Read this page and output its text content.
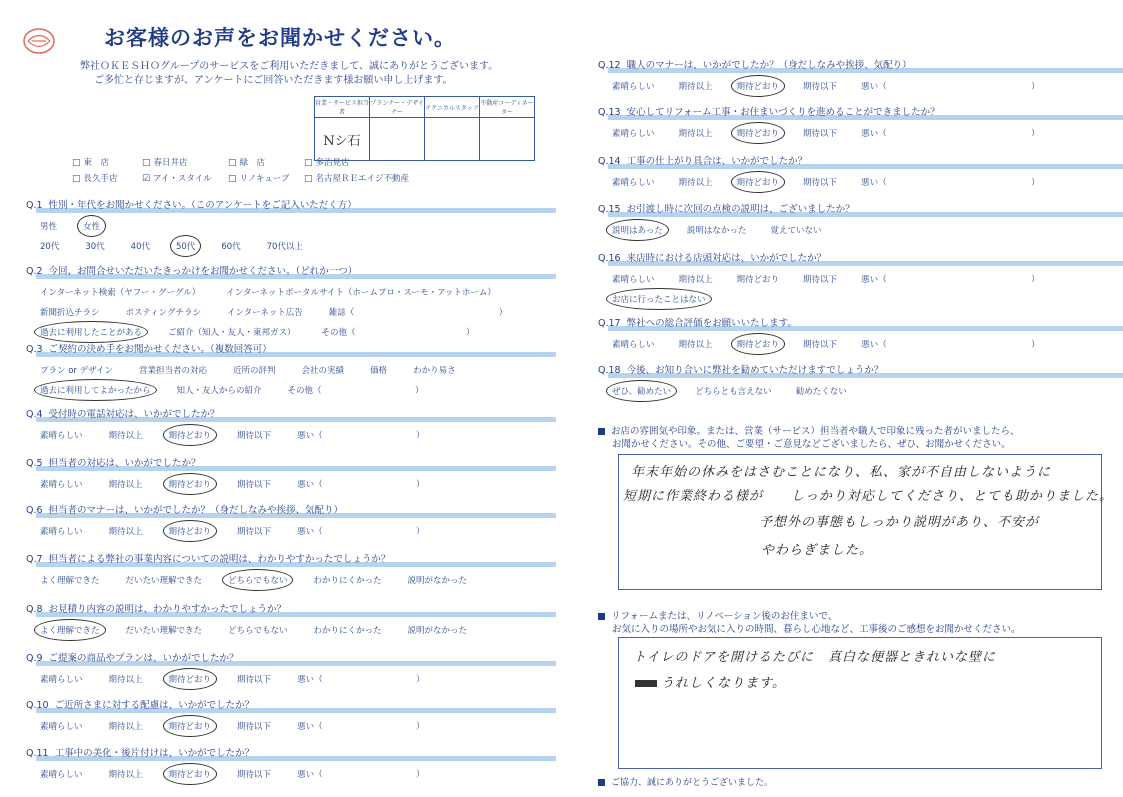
お客様のお声をお聞かせください。
弊社ＯＫＥＳＨＯグループのサービスをご利用いただきまして、誠にありがとうございます。
ご多忙と存じますが、アンケートにご回答いただきます様お願い申し上げます。
営業・サービス担当者	プランナー・デザイナー	テクニカルスタッフ	不動産コーディネーター
Nシ石			
□ 東　店	□ 春日井店	□ 緑　店	□ 多治見店
□ 長久手店	☑ アイ・スタイル	□ リノキューブ	□ 名古屋ＲＥエイジ不動産
Q.1 性別・年代をお聞かせください。（このアンケートをご記入いただく方）
男性	女性
20代	30代	40代	50代	60代	70代以上
Q.2 今回、お問合せいただいたきっかけをお聞かせください。（どれか一つ）
インターネット検索（ヤフー・グーグル）	インターネットポータルサイト（ホームプロ・スーモ・アットホーム）
新聞折込チラシ	ポスティングチラシ	インターネット広告	雑誌（　　　　　　　　　　　　　　　　　）
過去に利用したことがある	ご紹介（知人・友人・東邦ガス）	その他（　　　　　　　　　　　　　）
Q.3 ご契約の決め手をお聞かせください。（複数回答可）
プラン or デザイン	営業担当者の対応	近所の評判	会社の実績	価格	わかり易さ
過去に利用してよかったから	知人・友人からの紹介	その他（　　　　　　　　　　　）
Q.4 受付時の電話対応は、いかがでしたか？
素晴らしい	期待以上	期待どおり	期待以下	悪い（　　　　　　　　　　　）
Q.5 担当者の対応は、いかがでしたか？
素晴らしい	期待以上	期待どおり	期待以下	悪い（　　　　　　　　　　　）
Q.6 担当者のマナーは、いかがでしたか？（身だしなみや挨拶、気配り）
素晴らしい	期待以上	期待どおり	期待以下	悪い（　　　　　　　　　　　）
Q.7 担当者による弊社の事業内容についての説明は、わかりやすかったでしょうか？
よく理解できた	だいたい理解できた	どちらでもない	わかりにくかった	説明がなかった
Q.8 お見積り内容の説明は、わかりやすかったでしょうか？
よく理解できた	だいたい理解できた	どちらでもない	わかりにくかった	説明がなかった
Q.9 ご提案の商品やプランは、いかがでしたか？
素晴らしい	期待以上	期待どおり	期待以下	悪い（　　　　　　　　　　　）
Q.10 ご近所さまに対する配慮は、いかがでしたか？
素晴らしい	期待以上	期待どおり	期待以下	悪い（　　　　　　　　　　　）
Q.11 工事中の美化・後片付けは、いかがでしたか？
素晴らしい	期待以上	期待どおり	期待以下	悪い（　　　　　　　　　　　）
Q.12 職人のマナーは、いかがでしたか？（身だしなみや挨拶、気配り）
素晴らしい	期待以上	期待どおり	期待以下	悪い（　　　　　　　　　　　　　　　　　）
Q.13 安心してリフォーム工事・お住まいづくりを進めることができましたか？
素晴らしい	期待以上	期待どおり	期待以下	悪い（　　　　　　　　　　　　　　　　　）
Q.14 工事の仕上がり具合は、いかがでしたか？
素晴らしい	期待以上	期待どおり	期待以下	悪い（　　　　　　　　　　　　　　　　　）
Q.15 お引渡し時に次回の点検の説明は、ございましたか？
説明はあった	説明はなかった	覚えていない
Q.16 来店時における店頭対応は、いかがでしたか？
素晴らしい	期待以上	期待どおり	期待以下	悪い（　　　　　　　　　　　　　　　　　）
お店に行ったことはない
Q.17 弊社への総合評価をお願いいたします。
素晴らしい	期待以上	期待どおり	期待以下	悪い（　　　　　　　　　　　　　　　　　）
Q.18 今後、お知り合いに弊社を勧めていただけますでしょうか？
ぜひ、勧めたい	どちらとも言えない	勧めたくない
お店の雰囲気や印象。または、営業（サービス）担当者や職人で印象に残った者がいましたら、
お聞かせください。その他、ご要望・ご意見などございましたら、ぜひ、お聞かせください。
年末年始の休みをはさむことになり、私、家が不自由しないように
短期に作業終わる様が　　しっかり対応してくださり、とても助かりました。
予想外の事態もしっかり説明があり、不安が
やわらぎました。
リフォームまたは、リノベーション後のお住まいで、
お気に入りの場所やお気に入りの時間、暮らし心地など、工事後のご感想をお聞かせください。
トイレのドアを開けるたびに　真白な便器ときれいな壁に
うれしくなります。
ご協力、誠にありがとうございました。
